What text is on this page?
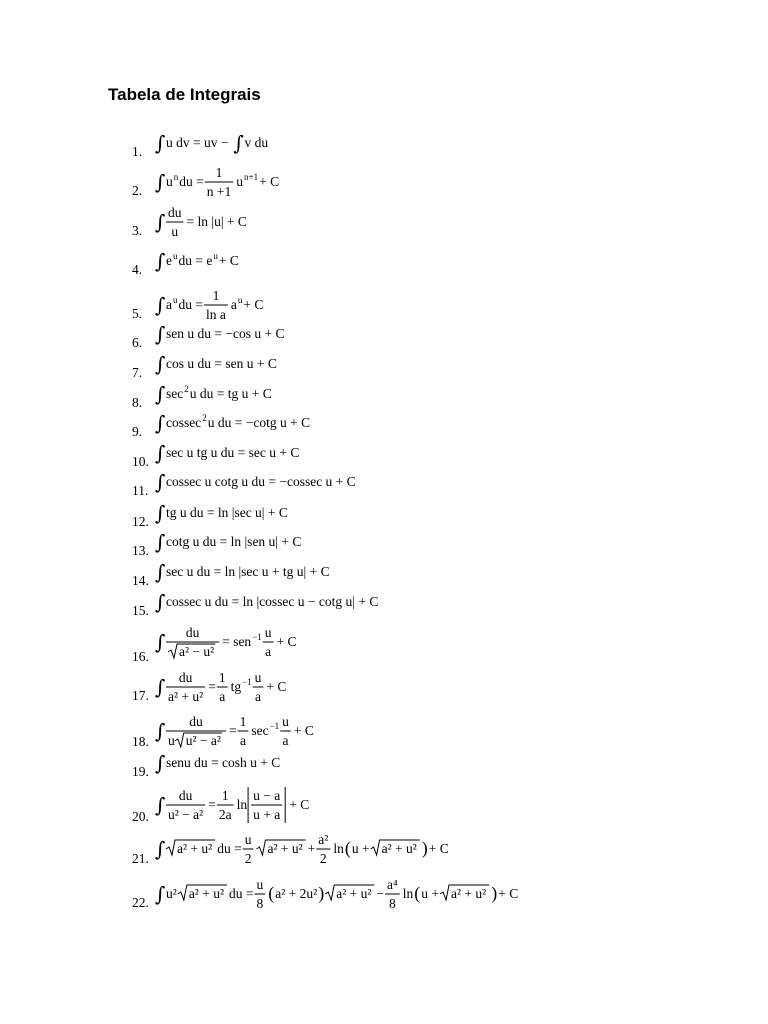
Tabela de Integrais
1. ∫ u dv = uv − ∫ v du
2. ∫ u n du =
1
n +1
u n+1 + C
3. ∫ du
u
= ln |u| + C
4. ∫ e u du = e u + C
5. ∫ a u du =
1
ln a
a u + C
6. ∫ sen u du = −cos u + C
7. ∫ cos u du = sen u + C
8. ∫ sec 2 u du = tg u + C
9. ∫ cossec 2 u du = −cotg u + C
10. ∫ sec u tg u du = sec u + C
11. ∫ cossec u cotg u du = −cossec u + C
12. ∫ tg u du = ln |sec u| + C
13. ∫ cotg u du = ln |sen u| + C
14. ∫ sec u du = ln |sec u + tg u| + C
15. ∫ cossec u du = ln |cossec u − cotg u| + C
16.
∫ du
a² − u²
= sen −1 u
a
+ C
17. ∫ du
a² + u²
=
1
a
tg −1 u
a
+ C
18. ∫ du
u u² − a²
=
1
a
sec −1 u
a
+ C
19. ∫ senu du = cosh u + C
20. ∫ du
u² − a²
=
1
2a
ln
u − a
u + a
+ C
21. ∫ a² + u² du =
u
2
a² + u² +
a²
2
ln ( u + a² + u² ) + C
22. ∫ u² a² + u² du =
u
8
( a² + 2u² ) a² + u² −
a⁴
8
ln ( u + a² + u² ) + C
